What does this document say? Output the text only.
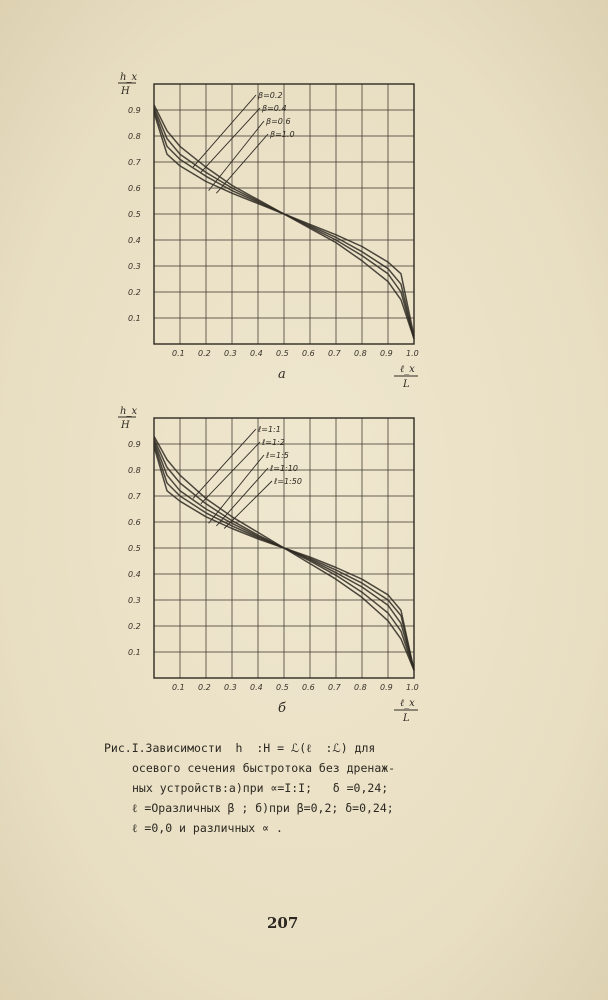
0.1
0.2
0.3
0.4
0.5
0.6
0.7
0.8
0.9
0.1 0.2 0.3 0.4 0.5 0.6 0.7 0.8 0.9 1.0
h_x
H
ℓ_x
L
a
β=0.2
β=0.4
β=0.6
β=1.0
0.1
0.2
0.3
0.4
0.5
0.6
0.7
0.8
0.9
0.1 0.2 0.3 0.4 0.5 0.6 0.7 0.8 0.9 1.0
h_x
H
ℓ_x
L
б
ℓ=1:1
ℓ=1:2
ℓ=1:5
ℓ=1:10
ℓ=1:50
Рис.I.Зависимости  h  :H = ℒ(ℓ  :ℒ) для
осевого сечения быстротока без дренаж-
ных устройств:а)при ∝=I:I;   δ =0,24;
ℓ =Оразличных β ; б)при β=0,2; δ=0,24;
ℓ =0,0 и различных ∝ .
207
